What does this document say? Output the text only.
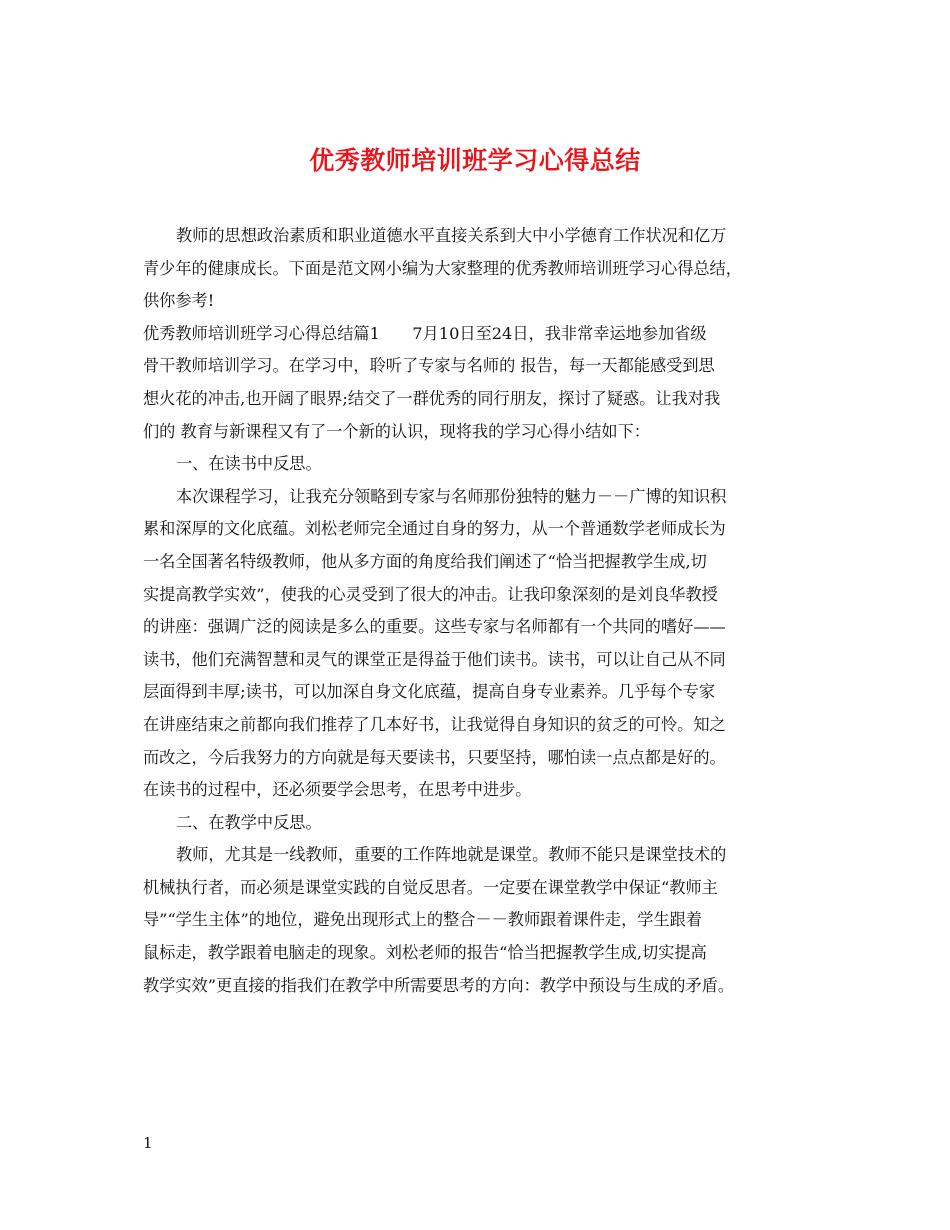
优秀教师培训班学习心得总结
教师的思想政治素质和职业道德水平直接关系到大中小学德育工作状况和亿万
青少年的健康成长。下面是范文网小编为大家整理的优秀教师培训班学习心得总结，
供你参考!
优秀教师培训班学习心得总结篇1　　7月10日至24日，我非常幸运地参加省级
骨干教师培训学习。在学习中，聆听了专家与名师的 报告，每一天都能感受到思
想火花的冲击,也开阔了眼界;结交了一群优秀的同行朋友，探讨了疑惑。让我对我
们的 教育与新课程又有了一个新的认识，现将我的学习心得小结如下：
一、在读书中反思。
本次课程学习，让我充分领略到专家与名师那份独特的魅力－－广博的知识积
累和深厚的文化底蕴。刘松老师完全通过自身的努力，从一个普通数学老师成长为
一名全国著名特级教师，他从多方面的角度给我们阐述了“恰当把握教学生成,切
实提高教学实效”，使我的心灵受到了很大的冲击。让我印象深刻的是刘良华教授
的讲座：强调广泛的阅读是多么的重要。这些专家与名师都有一个共同的嗜好——
读书，他们充满智慧和灵气的课堂正是得益于他们读书。读书，可以让自己从不同
层面得到丰厚;读书，可以加深自身文化底蕴，提高自身专业素养。几乎每个专家
在讲座结束之前都向我们推荐了几本好书，让我觉得自身知识的贫乏的可怜。知之
而改之，今后我努力的方向就是每天要读书，只要坚持，哪怕读一点点都是好的。
在读书的过程中，还必须要学会思考，在思考中进步。
二、在教学中反思。
教师，尤其是一线教师，重要的工作阵地就是课堂。教师不能只是课堂技术的
机械执行者，而必须是课堂实践的自觉反思者。一定要在课堂教学中保证“教师主
导”“学生主体”的地位，避免出现形式上的整合－－教师跟着课件走，学生跟着
鼠标走，教学跟着电脑走的现象。刘松老师的报告“恰当把握教学生成,切实提高
教学实效”更直接的指我们在教学中所需要思考的方向：教学中预设与生成的矛盾。
1
